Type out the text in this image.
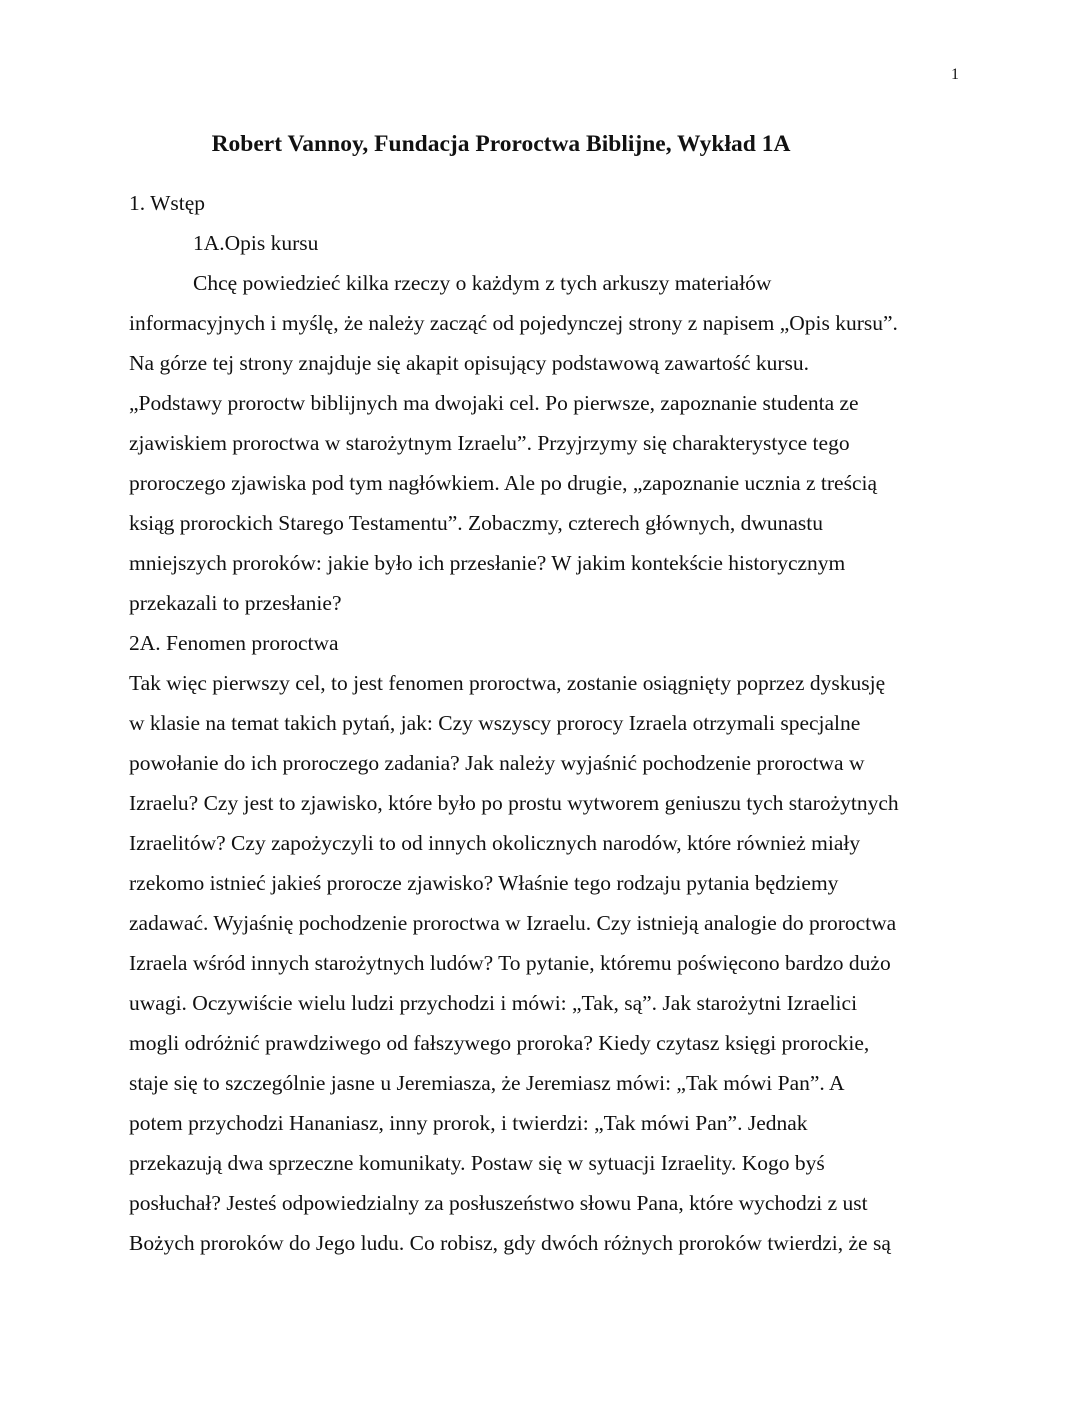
1
Robert Vannoy, Fundacja Proroctwa Biblijne, Wykład 1A
1. Wstęp
1A.Opis kursu
Chcę powiedzieć kilka rzeczy o każdym z tych arkuszy materiałów
informacyjnych i myślę, że należy zacząć od pojedynczej strony z napisem „Opis kursu”.
Na górze tej strony znajduje się akapit opisujący podstawową zawartość kursu.
„Podstawy proroctw biblijnych ma dwojaki cel. Po pierwsze, zapoznanie studenta ze
zjawiskiem proroctwa w starożytnym Izraelu”. Przyjrzymy się charakterystyce tego
proroczego zjawiska pod tym nagłówkiem. Ale po drugie, „zapoznanie ucznia z treścią
ksiąg prorockich Starego Testamentu”. Zobaczmy, czterech głównych, dwunastu
mniejszych proroków: jakie było ich przesłanie? W jakim kontekście historycznym
przekazali to przesłanie?
2A. Fenomen proroctwa
Tak więc pierwszy cel, to jest fenomen proroctwa, zostanie osiągnięty poprzez dyskusję
w klasie na temat takich pytań, jak: Czy wszyscy prorocy Izraela otrzymali specjalne
powołanie do ich proroczego zadania? Jak należy wyjaśnić pochodzenie proroctwa w
Izraelu? Czy jest to zjawisko, które było po prostu wytworem geniuszu tych starożytnych
Izraelitów? Czy zapożyczyli to od innych okolicznych narodów, które również miały
rzekomo istnieć jakieś prorocze zjawisko? Właśnie tego rodzaju pytania będziemy
zadawać. Wyjaśnię pochodzenie proroctwa w Izraelu. Czy istnieją analogie do proroctwa
Izraela wśród innych starożytnych ludów? To pytanie, któremu poświęcono bardzo dużo
uwagi. Oczywiście wielu ludzi przychodzi i mówi: „Tak, są”. Jak starożytni Izraelici
mogli odróżnić prawdziwego od fałszywego proroka? Kiedy czytasz księgi prorockie,
staje się to szczególnie jasne u Jeremiasza, że Jeremiasz mówi: „Tak mówi Pan”. A
potem przychodzi Hananiasz, inny prorok, i twierdzi: „Tak mówi Pan”. Jednak
przekazują dwa sprzeczne komunikaty. Postaw się w sytuacji Izraelity. Kogo byś
posłuchał? Jesteś odpowiedzialny za posłuszeństwo słowu Pana, które wychodzi z ust
Bożych proroków do Jego ludu. Co robisz, gdy dwóch różnych proroków twierdzi, że są
